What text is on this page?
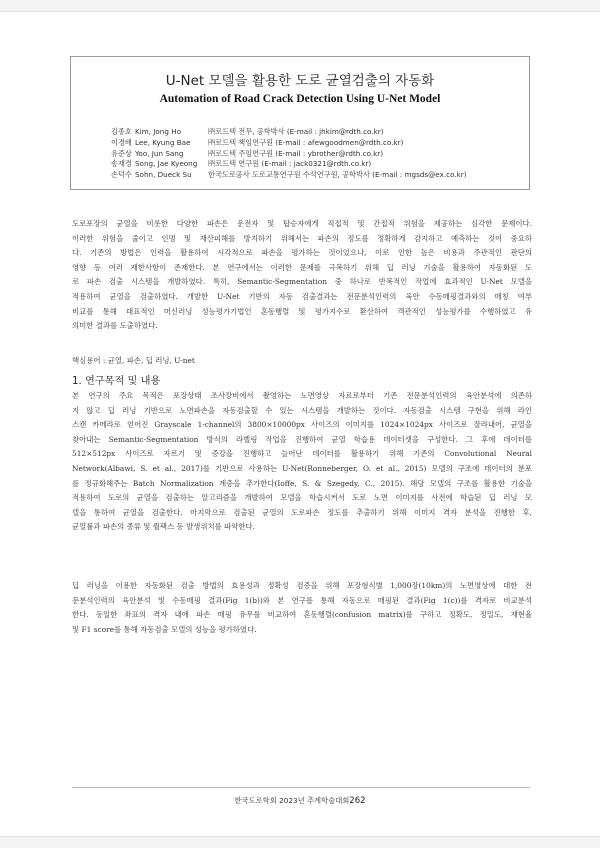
U-Net 모델을 활용한 도로 균열검출의 자동화
Automation of Road Crack Detection Using U-Net Model
김종호 Kim, Jong Ho	㈜로드텍 전무, 공학박사 (E-mail : jhkim@rdth.co.kr)
이경배 Lee, Kyung Bae	㈜로드텍 책임연구원 (E-mail : afewgoodmen@rdth.co.kr)
유준상 Yoo, Jun Sang	㈜로드텍 주임연구원 (E-mail : ybrother@rdth.co.kr)
송재경 Song, Jae Kyeong	㈜로드텍 연구원 (E-mail : jack0321@rdth.co.kr)
손덕수 Sohn, Dueck Su	한국도로공사 도로교통연구원 수석연구원, 공학박사 (E-mail : mgsds@ex.co.kr)
도로포장의 균열을 비롯한 다양한 파손은 운전자 및 탑승자에게 직접적 및 간접적 위험을 제공하는 심각한 문제이다.
이러한 위험을 줄이고 인명 및 재산피해를 방지하기 위해서는 파손의 정도를 정확하게 감지하고 예측하는 것이 중요하
다. 기존의 방법은 인력을 활용하여 시각적으로 파손을 평가하는 것이었으나, 이로 인한 높은 비용과 주관적인 판단의
영향 등 여러 제한사항이 존재한다. 본 연구에서는 이러한 문제를 극복하기 위해 딥 러닝 기술을 활용하여 자동화된 도
로 파손 검출 시스템을 개발하였다. 특히, Semantic-Segmentation 중 하나로 반복적인 작업에 효과적인 U-Net 모델을
적용하여 균열을 검출하였다. 개발한 U-Net 기반의 자동 검출결과는 전문분석인력의 육안 수동매핑결과와의 매칭 여부
비교를 통해 대표적인 머신러닝 성능평가기법인 혼동행렬 및 평가지수로 환산하여 객관적인 성능평가를 수행하였고 유
의미한 결과를 도출하였다.
핵심용어 : 균열, 파손, 딥 러닝, U-net
1. 연구목적 및 내용
본 연구의 주요 목적은 포장상태 조사장비에서 촬영하는 노면영상 자료로부터 기존 전문분석인력의 육안분석에 의존하
지 않고 딥 러닝 기반으로 노면파손을 자동검출할 수 있는 시스템을 개발하는 것이다. 자동검출 시스템 구현을 위해 라인
스캔 카메라로 얻어진 Grayscale 1-channel의 3800×10000px 사이즈의 이미지를 1024×1024px 사이즈로 잘라내어, 균열을
찾아내는 Semantic-Segmentation 방식의 라벨링 작업을 진행하여 균열 학습용 데이터셋을 구성한다. 그 후에 데이터를
512×512px 사이즈로 자르기 및 증강을 진행하고 늘어난 데이터를 활용하기 위해 기존의 Convolutional Neural
Network(Albawi, S. et al., 2017)를 기반으로 사용하는 U-Net(Ronneberger, O. et al., 2015) 모델의 구조에 데이터의 분포
를 정규화해주는 Batch Normalization 계층을 추가한다(Ioffe, S. & Szegedy, C., 2015). 해당 모델의 구조를 활용한 기술을
적용하여 도로의 균열을 검출하는 알고리즘을 개발하여 모델을 학습시켜서 도로 노면 이미지를 사전에 학습된 딥 러닝 모
델을 통하여 균열을 검출한다. 마지막으로 검출된 균열의 도로파손 정도를 추출하기 위해 이미지 격자 분석을 진행한 후,
균열률과 파손의 종류 및 퀄팩스 등 발생위치를 파악한다.
딥 러닝을 이용한 자동화된 검출 방법의 효용성과 정확성 검증을 위해 포장형식별 1,000장(10km)의 노면영상에 대한 전
문분석인력의 육안분석 및 수동매핑 결과(Fig 1(b))와 본 연구를 통해 자동으로 매핑된 결과(Fig 1(c))를 격자로 비교분석
한다. 동일한 좌표의 격자 내에 파손 매핑 유무를 비교하여 혼동행렬(confusion matrix)를 구하고 정확도, 정밀도, 재현율
및 F1 score를 통해 자동검출 모델의 성능을 평가하였다.
한국도로학회 2023년 추계학술대회262
